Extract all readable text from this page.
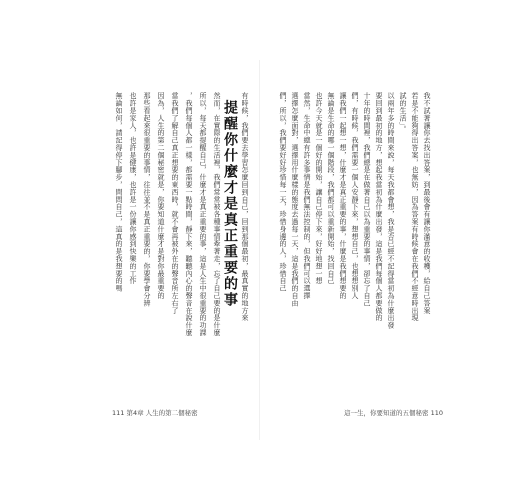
無論如何，請記得停下腳步，問問自己，這真的是我想要的嗎 也許是家人，也許是健康，也許是一份讓你感到快樂的工作 那些看起來很重要的事情，往往並不是真正重要的，你要學會分辨 因為，人生的第二個秘密就是，你要知道什麼才是對你最重要的 當我們了解自己真正想要的東西時，就不會再被外在的聲音所左右了 ，我們每個人都一樣，都需要一點時間，靜下來，聽聽內心的聲音在說什麼 所以，每天都提醒自己，什麼才是真正重要的事，這是人生中很重要的功課 然而，在實際的生活裡，我們常常被各種事情牽著走，忘了自己要的是什麼 提醒你什麼才是真正重要的事 有時候，我們要去學習怎麼回到自己，回到那個最初，最真實的地方來	們，所以，我們要好好珍惜每一天，珍惜身邊的人，珍惜自己 選擇怎麼面對，選擇用什麼樣的態度去過每一天，這是我們的自由 當然，生命中總有許多事情是我們無法控制的，但我們可以選擇 也許今天就是一個好的開始，讓自己停下來，好好地想一想 無論是生命的哪一個階段，我們都可以重新開始，找回自己 讓我們一起想一想，什麼才是真正重要的事，什麼是我們想要的 們，有時候，我們需要一個人安靜下來，想想自己，也想想別人 十年的時間裡，我們總是在做著自己以為重要的事情，卻忘了自己 要回到最初的地方，想起我當初為什麼出發，這是我們每個人都要做的 以兩年多的時間來說，每天我都會想，我是否已經不記得當初為什麼出發 試的生活」。 若是不能夠得出答案，也無妨，因為答案有時候會在我們不經意時出現 我不試著讓你去找出答案，到最後會有讓你滿意的收穫，給自己答案
111 第4章 人生的第二個秘密	這一生，你要知道的五個秘密 110
